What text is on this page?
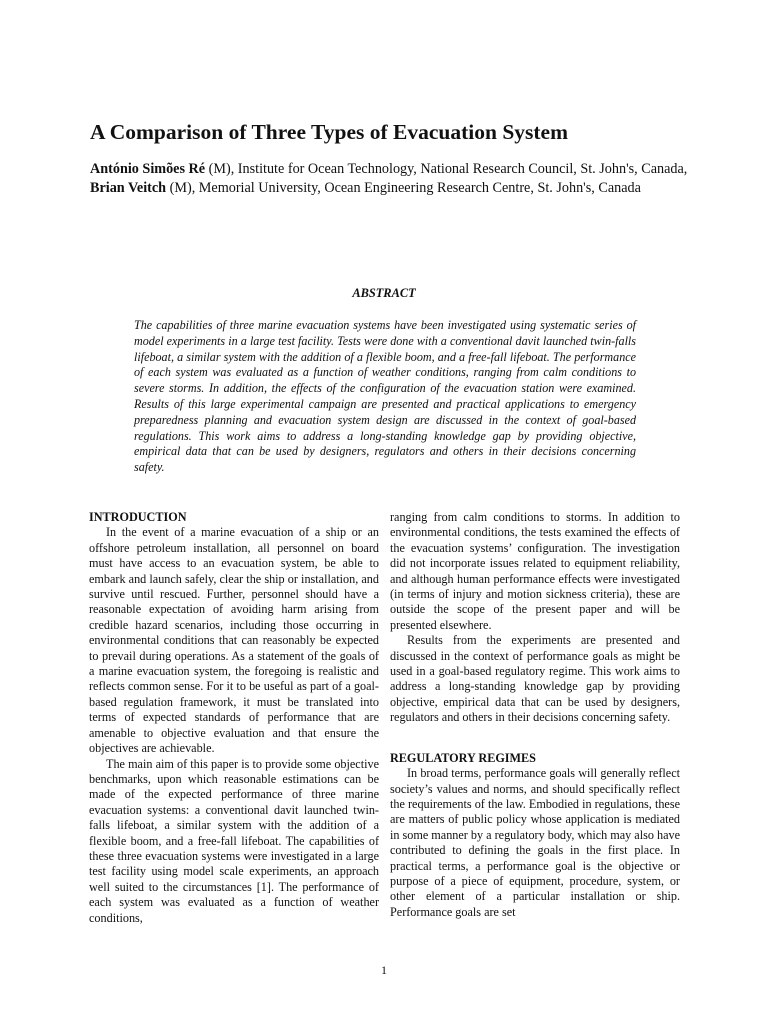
A Comparison of Three Types of Evacuation System

António Simões Ré (M), Institute for Ocean Technology, National Research Council, St. John's, Canada, Brian Veitch (M), Memorial University, Ocean Engineering Research Centre, St. John's, Canada

ABSTRACT

The capabilities of three marine evacuation systems have been investigated using systematic series of model experiments in a large test facility. Tests were done with a conventional davit launched twin-falls lifeboat, a similar system with the addition of a flexible boom, and a free-fall lifeboat. The performance of each system was evaluated as a function of weather conditions, ranging from calm conditions to severe storms. In addition, the effects of the configuration of the evacuation station were examined. Results of this large experimental campaign are presented and practical applications to emergency preparedness planning and evacuation system design are discussed in the context of goal-based regulations. This work aims to address a long-standing knowledge gap by providing objective, empirical data that can be used by designers, regulators and others in their decisions concerning safety.

INTRODUCTION

In the event of a marine evacuation of a ship or an offshore petroleum installation, all personnel on board must have access to an evacuation system, be able to embark and launch safely, clear the ship or installation, and survive until rescued. Further, personnel should have a reasonable expectation of avoiding harm arising from credible hazard scenarios, including those occurring in environmental conditions that can reasonably be expected to prevail during operations. As a statement of the goals of a marine evacuation system, the foregoing is realistic and reflects common sense. For it to be useful as part of a goal-based regulation framework, it must be translated into terms of expected standards of performance that are amenable to objective evaluation and that ensure the objectives are achievable.

The main aim of this paper is to provide some objective benchmarks, upon which reasonable estimations can be made of the expected performance of three marine evacuation systems: a conventional davit launched twin-falls lifeboat, a similar system with the addition of a flexible boom, and a free-fall lifeboat. The capabilities of these three evacuation systems were investigated in a large test facility using model scale experiments, an approach well suited to the circumstances [1]. The performance of each system was evaluated as a function of weather conditions,

ranging from calm conditions to storms. In addition to environmental conditions, the tests examined the effects of the evacuation systems’ configuration. The investigation did not incorporate issues related to equipment reliability, and although human performance effects were investigated (in terms of injury and motion sickness criteria), these are outside the scope of the present paper and will be presented elsewhere.

Results from the experiments are presented and discussed in the context of performance goals as might be used in a goal-based regulatory regime. This work aims to address a long-standing knowledge gap by providing objective, empirical data that can be used by designers, regulators and others in their decisions concerning safety.

REGULATORY REGIMES

In broad terms, performance goals will generally reflect society’s values and norms, and should specifically reflect the requirements of the law. Embodied in regulations, these are matters of public policy whose application is mediated in some manner by a regulatory body, which may also have contributed to defining the goals in the first place. In practical terms, a performance goal is the objective or purpose of a piece of equipment, procedure, system, or other element of a particular installation or ship. Performance goals are set

1
